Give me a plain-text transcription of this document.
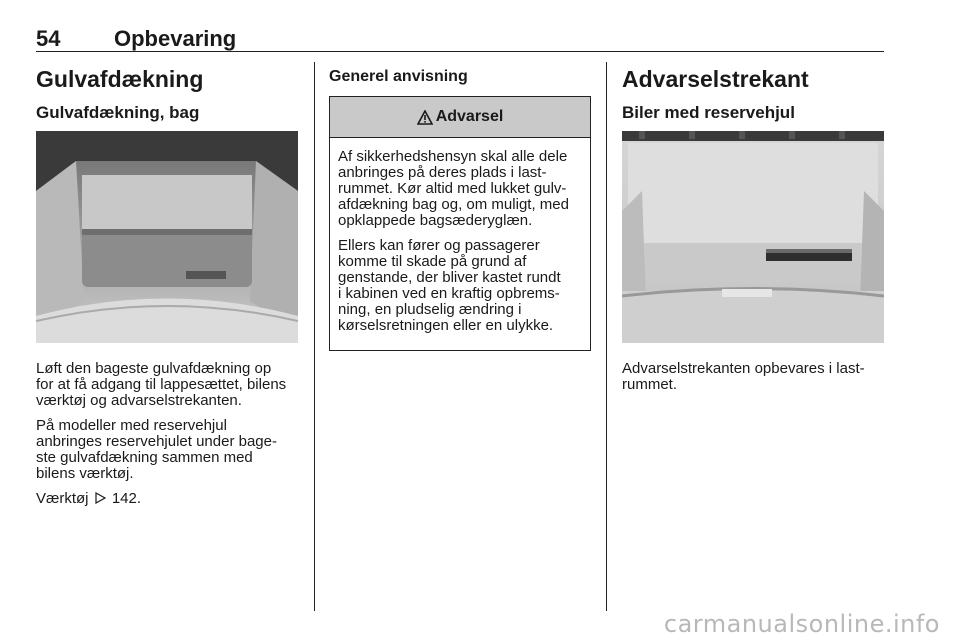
54 Opbevaring
Gulvafdækning
Gulvafdækning, bag
Løft den bageste gulvafdækning op
for at få adgang til lappesættet, bilens
værktøj og advarselstrekanten.
På modeller med reservehjul
anbringes reservehjulet under bage-
ste gulvafdækning sammen med
bilens værktøj.
Værktøj 142.
Generel anvisning
Advarsel
Af sikkerhedshensyn skal alle dele
anbringes på deres plads i last-
rummet. Kør altid med lukket gulv-
afdækning bag og, om muligt, med
opklappede bagsæderyglæn.
Ellers kan fører og passagerer
komme til skade på grund af
genstande, der bliver kastet rundt
i kabinen ved en kraftig opbrems-
ning, en pludselig ændring i
kørselsretningen eller en ulykke.
Advarselstrekant
Biler med reservehjul
Advarselstrekanten opbevares i last-
rummet.
carmanualsonline.info
